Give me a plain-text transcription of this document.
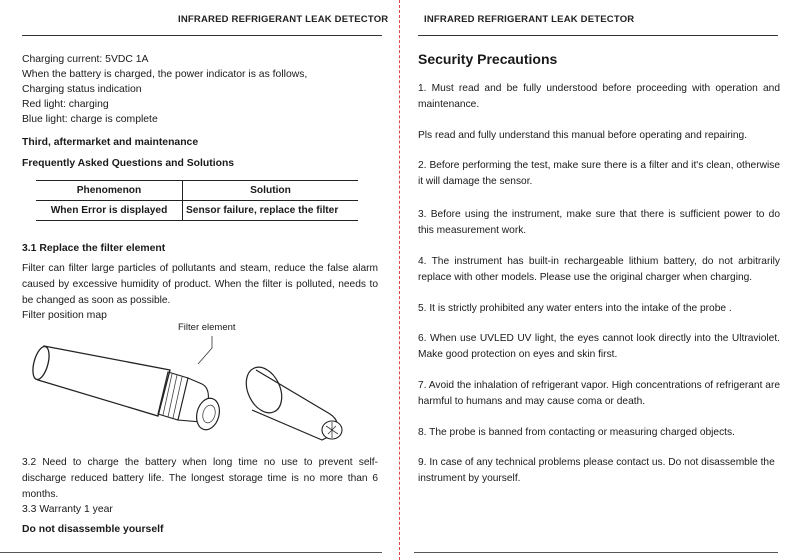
INFRARED REFRIGERANT LEAK DETECTOR
Charging current: 5VDC 1A
When the battery is charged, the power indicator is as follows,
Charging status indication
Red light: charging
Blue light: charge is complete
Third, aftermarket and maintenance
Frequently Asked Questions and Solutions
Phenomenon	Solution
When Error is displayed	Sensor failure, replace the filter
3.1 Replace the filter element
Filter can filter large particles of pollutants and steam, reduce the false alarm caused by excessive humidity of product. When the filter is polluted, needs to be changed as soon as possible.
Filter position map
Filter element
3.2 Need to charge the battery when long time no use to prevent self-discharge reduced battery life. The longest storage time is no more than 6 months.
3.3 Warranty 1 year
Do not disassemble yourself
INFRARED REFRIGERANT LEAK DETECTOR
Security Precautions
1. Must read and be fully understood before proceeding with operation and maintenance.
Pls read and fully understand this manual before operating and repairing.
2. Before performing the test, make sure there is a filter and it's clean, otherwise it will damage the sensor.
3. Before using the instrument, make sure that there is sufficient power to do this measurement work.
4. The instrument has built-in rechargeable lithium battery, do not arbitrarily replace with other models. Please use the original charger when charging.
5. It is strictly prohibited any water enters into the intake of the probe .
6. When use UVLED UV light, the eyes cannot look directly into the Ultraviolet. Make good protection on eyes and skin first.
7. Avoid the inhalation of refrigerant vapor. High concentrations of refrigerant are harmful to humans and may cause coma or death.
8. The probe is banned from contacting or measuring charged objects.
9. In case of any technical problems please contact us. Do not disassemble the instrument by yourself.
